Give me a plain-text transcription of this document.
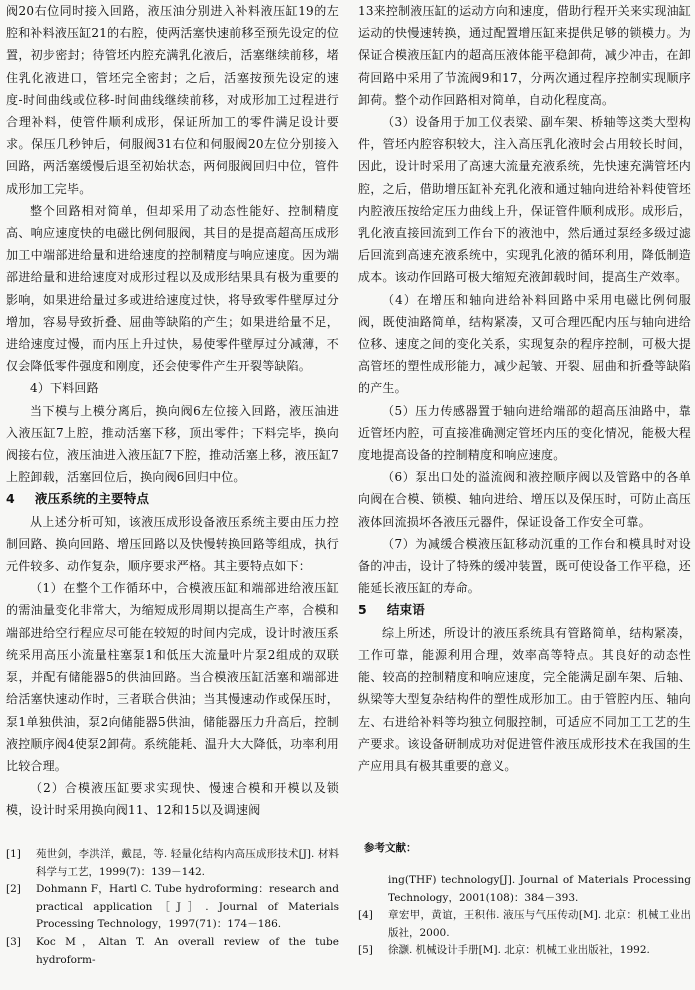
阀20右位同时接入回路，液压油分别进入补料液压缸19的左腔和补料液压缸21的右腔，使两活塞快速前移至预先设定的位置，初步密封；待管坯内腔充满乳化液后，活塞继续前移，堵住乳化液进口，管坯完全密封；之后，活塞按预先设定的速度-时间曲线或位移-时间曲线继续前移，对成形加工过程进行合理补料，使管件顺利成形，保证所加工的零件满足设计要求。保压几秒钟后，伺服阀31右位和伺服阀20左位分别接入回路，两活塞缓慢后退至初始状态，两伺服阀回归中位，管件成形加工完毕。

整个回路相对简单，但却采用了动态性能好、控制精度高、响应速度快的电磁比例伺服阀，其目的是提高超高压成形加工中端部进给量和进给速度的控制精度与响应速度。因为端部进给量和进给速度对成形过程以及成形结果具有极为重要的影响，如果进给量过多或进给速度过快，将导致零件壁厚过分增加，容易导致折叠、屈曲等缺陷的产生；如果进给量不足，进给速度过慢，而内压上升过快，易使零件壁厚过分减薄，不仅会降低零件强度和刚度，还会使零件产生开裂等缺陷。

4）下料回路

当下模与上模分离后，换向阀6左位接入回路，液压油进入液压缸7上腔，推动活塞下移，顶出零件；下料完毕，换向阀接右位，液压油进入液压缸7下腔，推动活塞上移，液压缸7上腔卸载，活塞回位后，换向阀6回归中位。

4 液压系统的主要特点

从上述分析可知，该液压成形设备液压系统主要由压力控制回路、换向回路、增压回路以及快慢转换回路等组成，执行元件较多、动作复杂，顺序要求严格。其主要特点如下：

（1）在整个工作循环中，合模液压缸和端部进给液压缸的需油量变化非常大，为缩短成形周期以提高生产率，合模和端部进给空行程应尽可能在较短的时间内完成，设计时液压系统采用高压小流量柱塞泵1和低压大流量叶片泵2组成的双联泵，并配有储能器5的供油回路。当合模液压缸活塞和端部进给活塞快速动作时，三者联合供油；当其慢速动作或保压时，泵1单独供油，泵2向储能器5供油，储能器压力升高后，控制液控顺序阀4使泵2卸荷。系统能耗、温升大大降低，功率利用比较合理。

（2）合模液压缸要求实现快、慢速合模和开模以及锁模，设计时采用换向阀11、12和15以及调速阀

13来控制液压缸的运动方向和速度，借助行程开关来实现油缸运动的快慢速转换，通过配置增压缸来提供足够的锁模力。为保证合模液压缸内的超高压液体能平稳卸荷，减少冲击，在卸荷回路中采用了节流阀9和17，分两次通过程序控制实现顺序卸荷。整个动作回路相对简单，自动化程度高。

（3）设备用于加工仪表梁、副车架、桥轴等这类大型构件，管坯内腔容积较大，注入高压乳化液时会占用较长时间，因此，设计时采用了高速大流量充液系统，先快速充满管坯内腔，之后，借助增压缸补充乳化液和通过轴向进给补料使管坯内腔液压按给定压力曲线上升，保证管件顺利成形。成形后，乳化液直接回流到工作台下的液池中，然后通过泵经多级过滤后回流到高速充液系统中，实现乳化液的循环利用，降低制造成本。该动作回路可极大缩短充液卸载时间，提高生产效率。

（4）在增压和轴向进给补料回路中采用电磁比例伺服阀，既使油路简单，结构紧凑，又可合理匹配内压与轴向进给位移、速度之间的变化关系，实现复杂的程序控制，可极大提高管坯的塑性成形能力，减少起皱、开裂、屈曲和折叠等缺陷的产生。

（5）压力传感器置于轴向进给端部的超高压油路中，靠近管坯内腔，可直接准确测定管坯内压的变化情况，能极大程度地提高设备的控制精度和响应速度。

（6）泵出口处的溢流阀和液控顺序阀以及管路中的各单向阀在合模、锁模、轴向进给、增压以及保压时，可防止高压液体回流损坏各液压元器件，保证设备工作安全可靠。

（7）为减缓合模液压缸移动沉重的工作台和模具时对设备的冲击，设计了特殊的缓冲装置，既可使设备工作平稳，还能延长液压缸的寿命。

5 结束语

综上所述，所设计的液压系统具有管路简单，结构紧凑，工作可靠，能源利用合理，效率高等特点。其良好的动态性能、较高的控制精度和响应速度，完全能满足副车架、后轴、纵梁等大型复杂结构件的塑性成形加工。由于管腔内压、轴向左、右进给补料等均独立伺服控制，可适应不同加工工艺的生产要求。该设备研制成功对促进管件液压成形技术在我国的生产应用具有极其重要的意义。

参考文献：
[1]	苑世剑，李洪洋，戴昆，等. 轻量化结构内高压成形技术[J]. 材料科学与工艺，1999(7)：139－142.
[2]	Dohmann F，Hartl C. Tube hydroforming：research and practical application［J］. Journal of Materials Processing Technology，1997(71)：174－186.
[3]	Koc M，Altan T. An overall review of the tube hydroform-
ing(THF) technology[J]. Journal of Materials Processing Technology，2001(108)：384－393.
[4]	章宏甲，黄谊，王积伟. 液压与气压传动[M]. 北京：机械工业出版社，2000.
[5]	徐灏. 机械设计手册[M]. 北京：机械工业出版社，1992.
